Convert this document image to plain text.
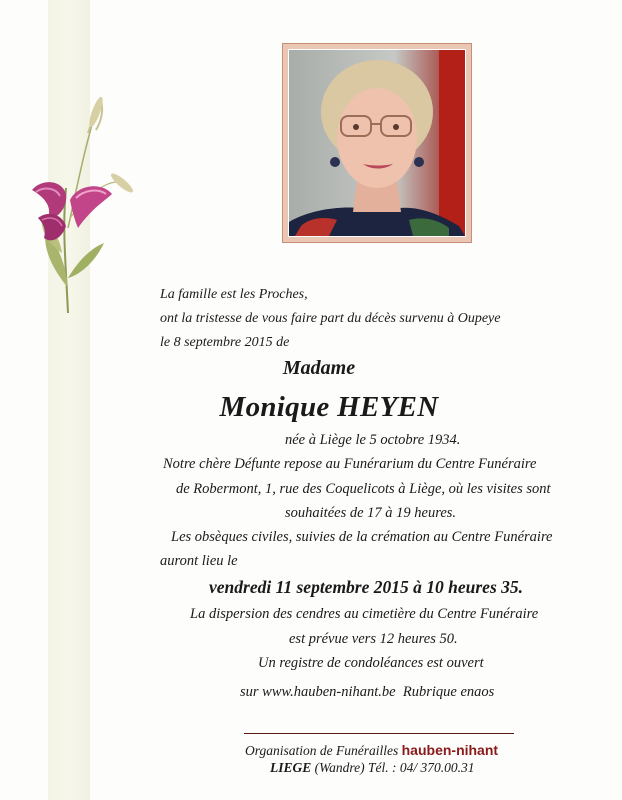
La famille est les Proches,
ont la tristesse de vous faire part du décès survenu à Oupeye
le 8 septembre 2015 de
Madame
Monique HEYEN
née à Liège le 5 octobre 1934.
Notre chère Défunte repose au Funérarium du Centre Funéraire
de Robermont, 1, rue des Coquelicots à Liège, où les visites sont
souhaitées de 17 à 19 heures.
Les obsèques civiles, suivies de la crémation au Centre Funéraire
auront lieu le
vendredi 11 septembre 2015 à 10 heures 35.
La dispersion des cendres au cimetière du Centre Funéraire
est prévue vers 12 heures 50.
Un registre de condoléances est ouvert
sur www.hauben-nihant.be  Rubrique enaos
Organisation de Funérailles hauben-nihant
LIEGE (Wandre) Tél. : 04/ 370.00.31
